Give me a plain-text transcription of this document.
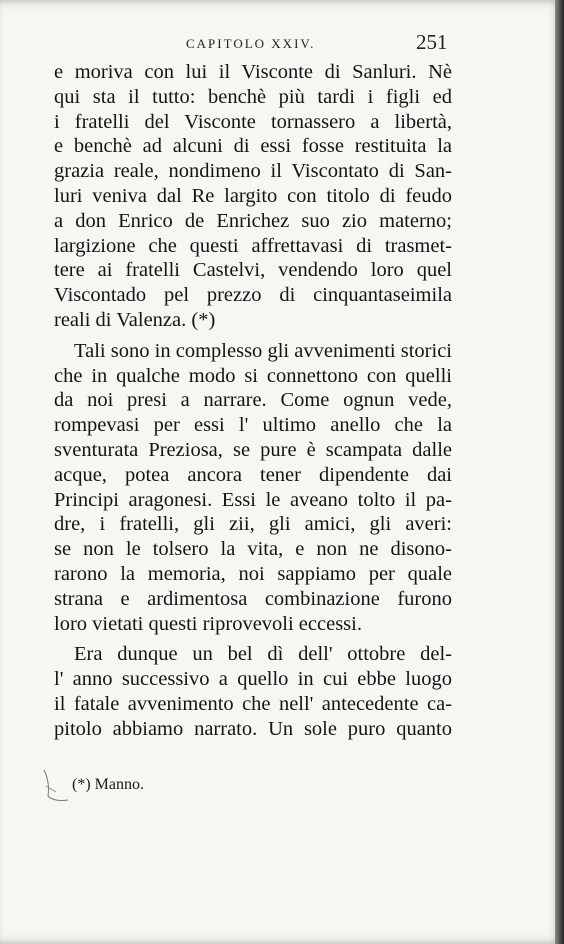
CAPITOLO XXIV.	251
e moriva con lui il Visconte di Sanluri. Nè
qui sta il tutto: benchè più tardi i figli ed
i fratelli del Visconte tornassero a libertà,
e benchè ad alcuni di essi fosse restituita la
grazia reale, nondimeno il Viscontato di San-
luri veniva dal Re largito con titolo di feudo
a don Enrico de Enrichez suo zio materno;
largizione che questi affrettavasi di trasmet-
tere ai fratelli Castelvi, vendendo loro quel
Viscontado pel prezzo di cinquantaseimila
reali di Valenza. (*)
Tali sono in complesso gli avvenimenti storici
che in qualche modo si connettono con quelli
da noi presi a narrare. Come ognun vede,
rompevasi per essi l' ultimo anello che la
sventurata Preziosa, se pure è scampata dalle
acque, potea ancora tener dipendente dai
Principi aragonesi. Essi le aveano tolto il pa-
dre, i fratelli, gli zii, gli amici, gli averi:
se non le tolsero la vita, e non ne disono-
rarono la memoria, noi sappiamo per quale
strana e ardimentosa combinazione furono
loro vietati questi riprovevoli eccessi.
Era dunque un bel dì dell' ottobre del-
l' anno successivo a quello in cui ebbe luogo
il fatale avvenimento che nell' antecedente ca-
pitolo abbiamo narrato. Un sole puro quanto
(*) Manno.
